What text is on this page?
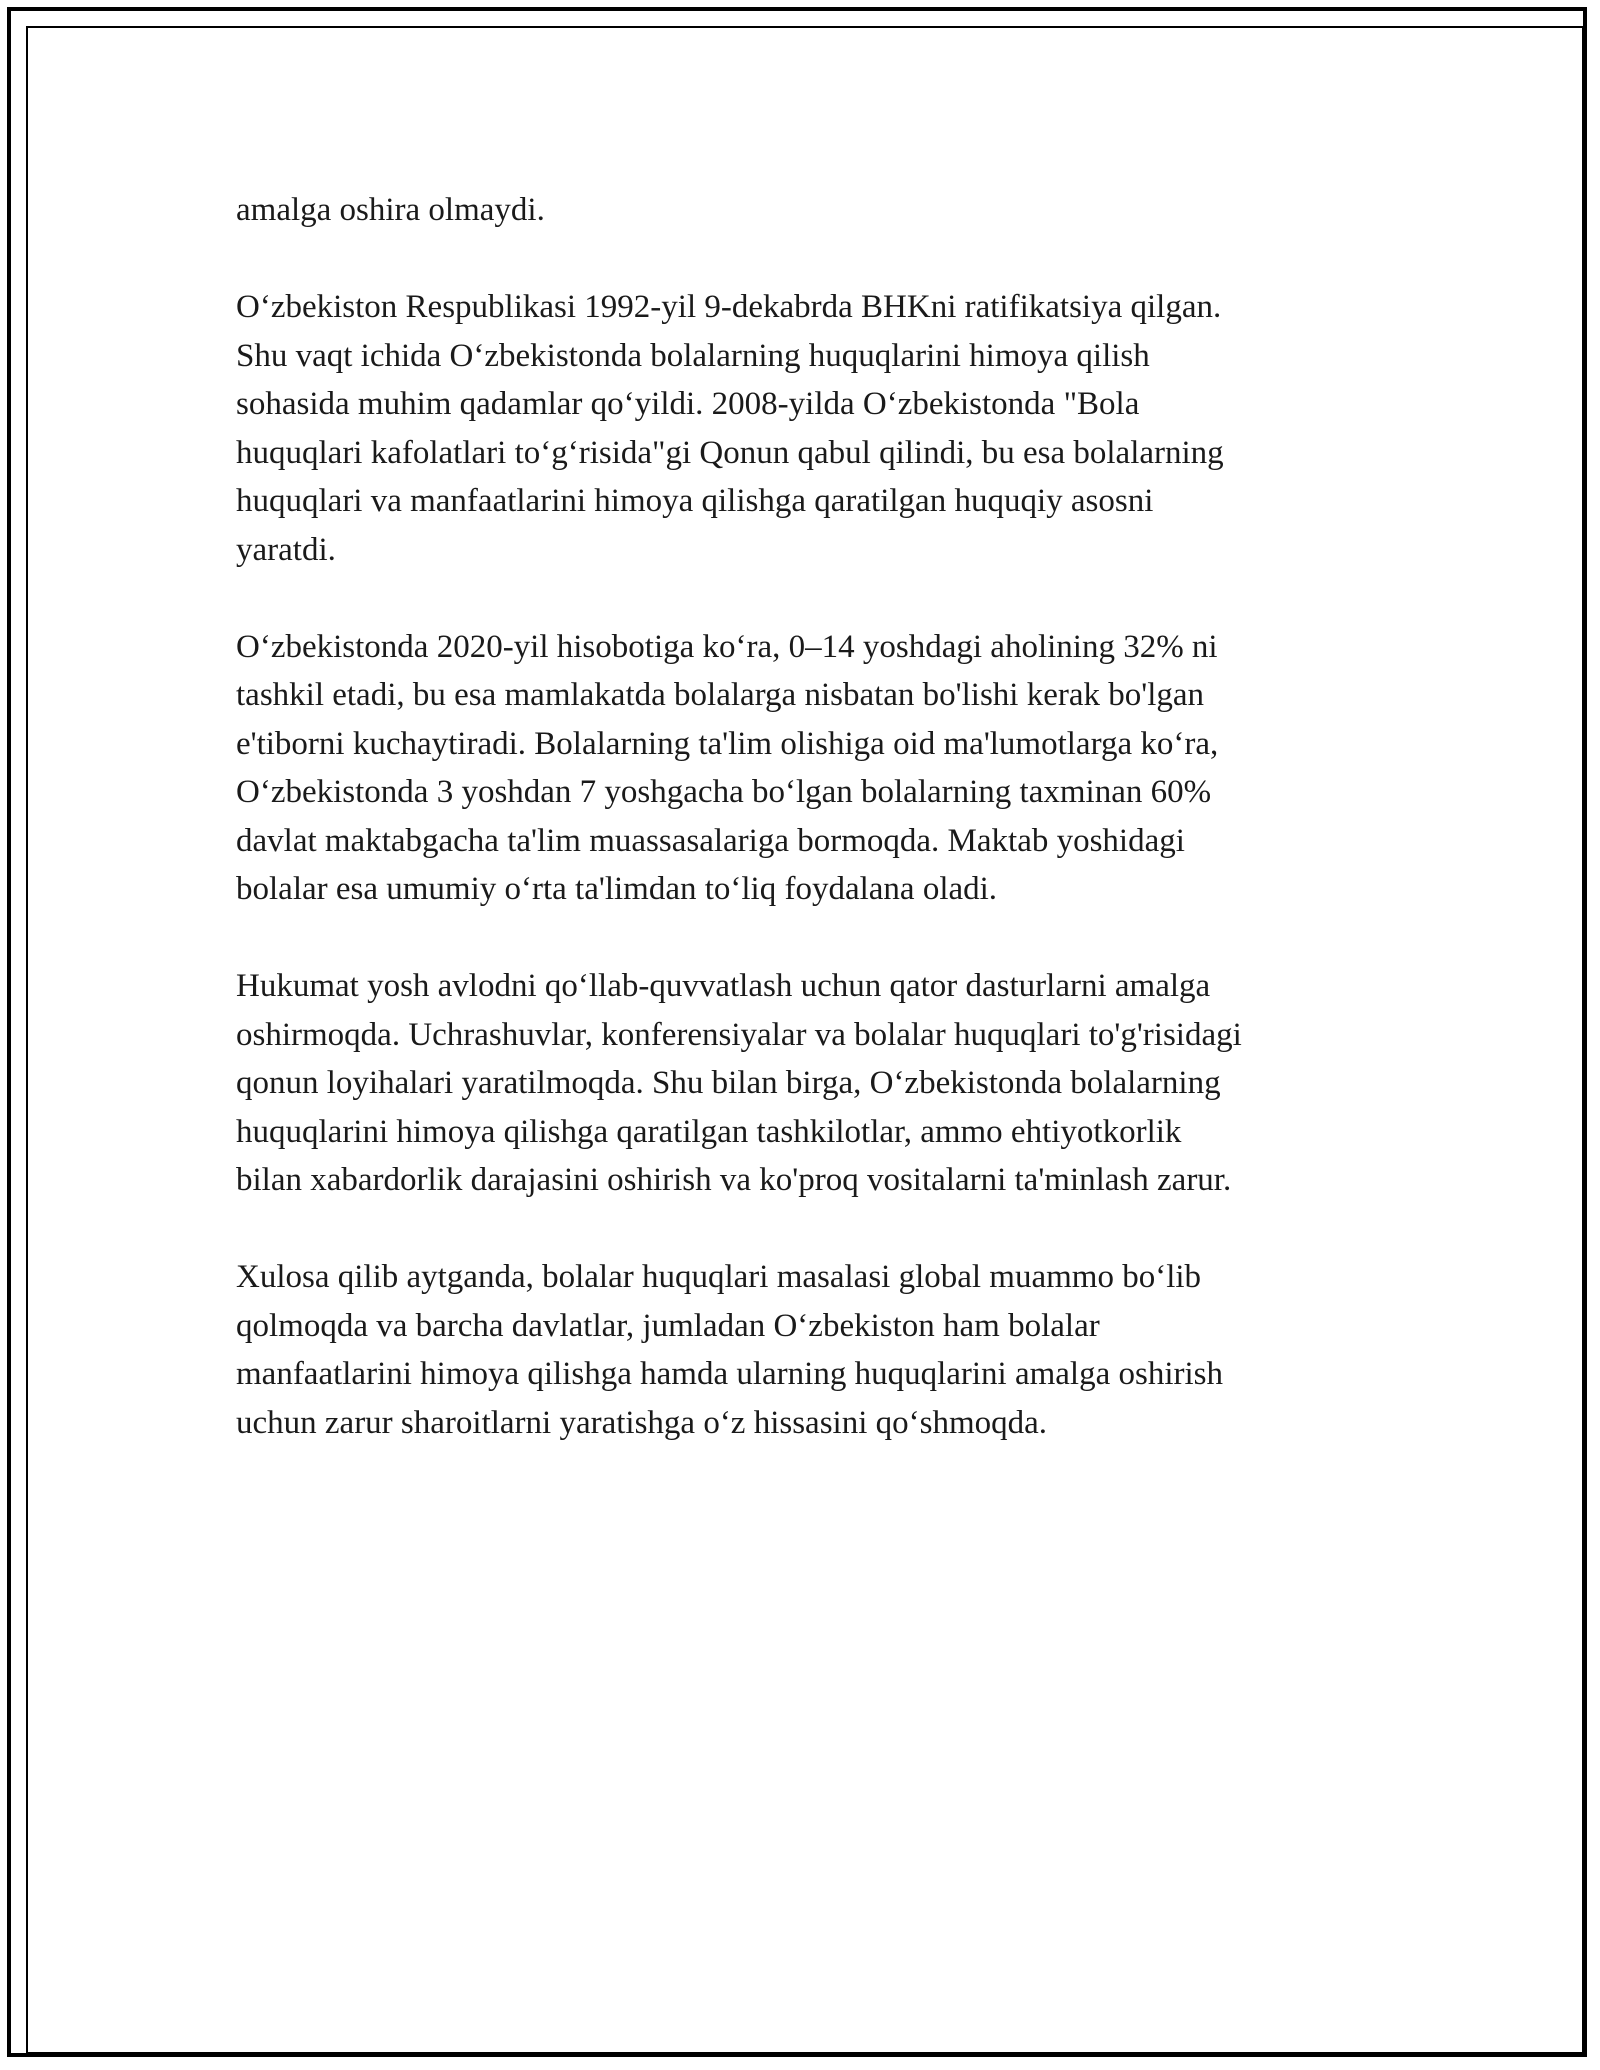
amalga oshira olmaydi.

O‘zbekiston Respublikasi 1992-yil 9-dekabrda BHKni ratifikatsiya qilgan.
Shu vaqt ichida O‘zbekistonda bolalarning huquqlarini himoya qilish
sohasida muhim qadamlar qo‘yildi. 2008-yilda O‘zbekistonda "Bola
huquqlari kafolatlari to‘g‘risida"gi Qonun qabul qilindi, bu esa bolalarning
huquqlari va manfaatlarini himoya qilishga qaratilgan huquqiy asosni
yaratdi.

O‘zbekistonda 2020-yil hisobotiga ko‘ra, 0–14 yoshdagi aholining 32% ni
tashkil etadi, bu esa mamlakatda bolalarga nisbatan bo'lishi kerak bo'lgan
e'tiborni kuchaytiradi. Bolalarning ta'lim olishiga oid ma'lumotlarga ko‘ra,
O‘zbekistonda 3 yoshdan 7 yoshgacha bo‘lgan bolalarning taxminan 60%
davlat maktabgacha ta'lim muassasalariga bormoqda. Maktab yoshidagi
bolalar esa umumiy o‘rta ta'limdan to‘liq foydalana oladi.

Hukumat yosh avlodni qo‘llab-quvvatlash uchun qator dasturlarni amalga
oshirmoqda. Uchrashuvlar, konferensiyalar va bolalar huquqlari to'g'risidagi
qonun loyihalari yaratilmoqda. Shu bilan birga, O‘zbekistonda bolalarning
huquqlarini himoya qilishga qaratilgan tashkilotlar, ammo ehtiyotkorlik
bilan xabardorlik darajasini oshirish va ko'proq vositalarni ta'minlash zarur.

Xulosa qilib aytganda, bolalar huquqlari masalasi global muammo bo‘lib
qolmoqda va barcha davlatlar, jumladan O‘zbekiston ham bolalar
manfaatlarini himoya qilishga hamda ularning huquqlarini amalga oshirish
uchun zarur sharoitlarni yaratishga o‘z hissasini qo‘shmoqda.
